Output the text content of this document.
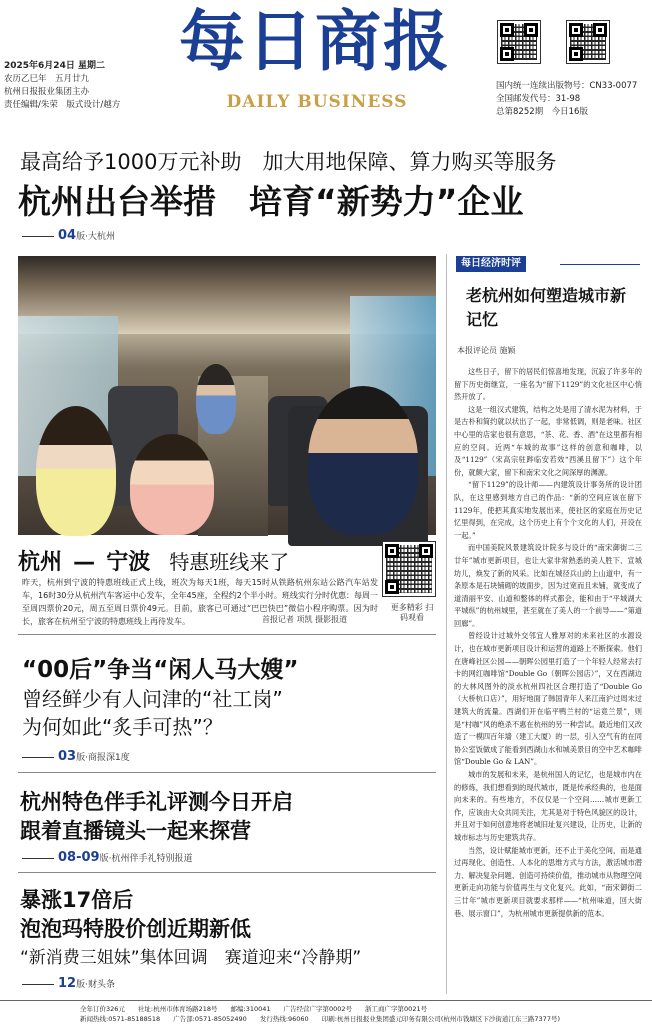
2025年6月24日 星期二
农历乙巳年　五月廿九
杭州日报报业集团主办
责任编辑/朱荣　版式设计/越方
每日商报
DAILY BUSINESS
国内统一连续出版物号：CN33-0077
全国邮发代号：31-98
总第8252期　今日16版
最高给予1000万元补助　加大用地保障、算力购买等服务
杭州出台举措　培育“新势力”企业
04版·大杭州
杭州 — 宁波 特惠班线来了
更多精彩 扫码观看
昨天，杭州到宁波的特惠班线正式上线，班次为每天1班，每天15时从铁路杭州东站公路汽车站发车，16时30分从杭州汽车客运中心发车，全年45座，全程约2个半小时。班线实行分时优惠：每周一至周四票价20元，周五至周日票价49元。目前，旅客已可通过“巴巴快巴”微信小程序购票。因为时长，旅客在杭州至宁波的特惠班线上再待发车。	首报记者 项凯 摄影报道
“00后”争当“闲人马大嫂”
曾经鲜少有人问津的“社工岗”
为何如此“炙手可热”？
03版·商报深1度
杭州特色伴手礼评测今日开启
跟着直播镜头一起来探营
08-09版·杭州伴手礼特别报道
暴涨17倍后
泡泡玛特股价创近期新低
“新消费三姐妹”集体回调　赛道迎来“冷静期”
12版·财头条
每日经济时评
老杭州如何塑造城市新记忆
本报评论员 施颖

这些日子，留下的居民们惊喜地发现，沉寂了许多年的留下历史街继宣，一座名为“留下1129”的文化社区中心悄然开放了。

这是一组汉式建筑，结构之处是用了清水泥为材料，于是古朴和简约就以状出了一起，非常低调，则是老味。社区中心里的店家也很有意思，“茶、花、香、酒”在这里都有相应的空间。近两“车城的故事”这样的创意和咖啡，以及“1129”（宋高宗驻跸临安若效“西溪且留下”）这个年份，就颇大家，留下和南宋文化之间深厚的渊源。

“留下1129”的设计师——内建筑设计事务所的设计团队，在这里感到地方自己的作品：“新的空间应该在留下1129年，使把其真实地发展出来，使社区的家庭在历史记忆里得到，在完成，这个历史上有个个文化的人们，开设在一起。”

而中国美院风景建筑设计院多与设计的“南宋御街二三廿年”城市更新项目，也让大家非常熟悉的美人胜下、宣城坊儿，焕发了新的风采。比如在城径兵山的上山道中，有一条原本是石块铺砌的坡面步，因为过宽而且未铺，就变成了道清丽平安、山道和整体的样式都会，能和由于“平城湖大平城纵”的杭州城里，甚至就在了美人的一个前导——“第道回廊”。

曾经设计过城外交邻宜人雅厚对的未来社区的水源设计，也在城市更新项目设计和运营的道路上不断探索。他们在唐峰社区公园——朝晖公园里打造了一个年轻人经常去打卡的网红咖啡馆“Double Go（朝晖公园店）”，又在西湖边的大林风图外的淡水杭州四社区合理打造了“Double Go（大桥杭口店）”，用好地面了韩国青年人来江南沪过周末过建筑大的流量。西湖们开在临平鸭兰村的“运竟兰景”，则是“村咖”风的绝杀不惠在杭州的另一种尝试。最近地们又改造了一模四百年墙（建工大厦）的一层，引入空气有的在同协公室饭做成了能看到西湖山水和城美景目的空中艺术咖啡馆“Double Go & LAN”。

城市的发展和未来，是杭州国人的记忆，也是城市内在的修炼，我们想看到的现代城市，既是传承经典的，也是面向未来的。有些地方，不仅仅是一个空间……城市更新工作，应该由大众共同关注，尤其是对于特色风貌区的设计，并且对于如何创意地将老城旧址复兴建设，让历史，让新的城市标志与历史建筑共存。

当然，设计赋能城市更新，还不止于美化空间，而是通过再现化、创造性、人本化的思维方式与方法，激活城市潜力、解决复杂问题、创造可持续价值，推动城市从物理空间更新走向功能与价值再生与文化复兴。此如，“南宋御街二三廿年”城市更新项目就要求那样——“杭州味道，回大街巷、展示窗口”，为杭州城市更新提供新的范本。

全年订价326元　　社址:杭州市体育场路218号　　邮编:310041　　广告经营广字第0002号　　浙工商广字第0021号
新闻热线:0571-85188518　　广告部:0571-85052490　　发行热线:96060　　印刷:杭州日报报业集团盛元印务有限公司(杭州市钱塘区下沙街道江东三路7377号)
